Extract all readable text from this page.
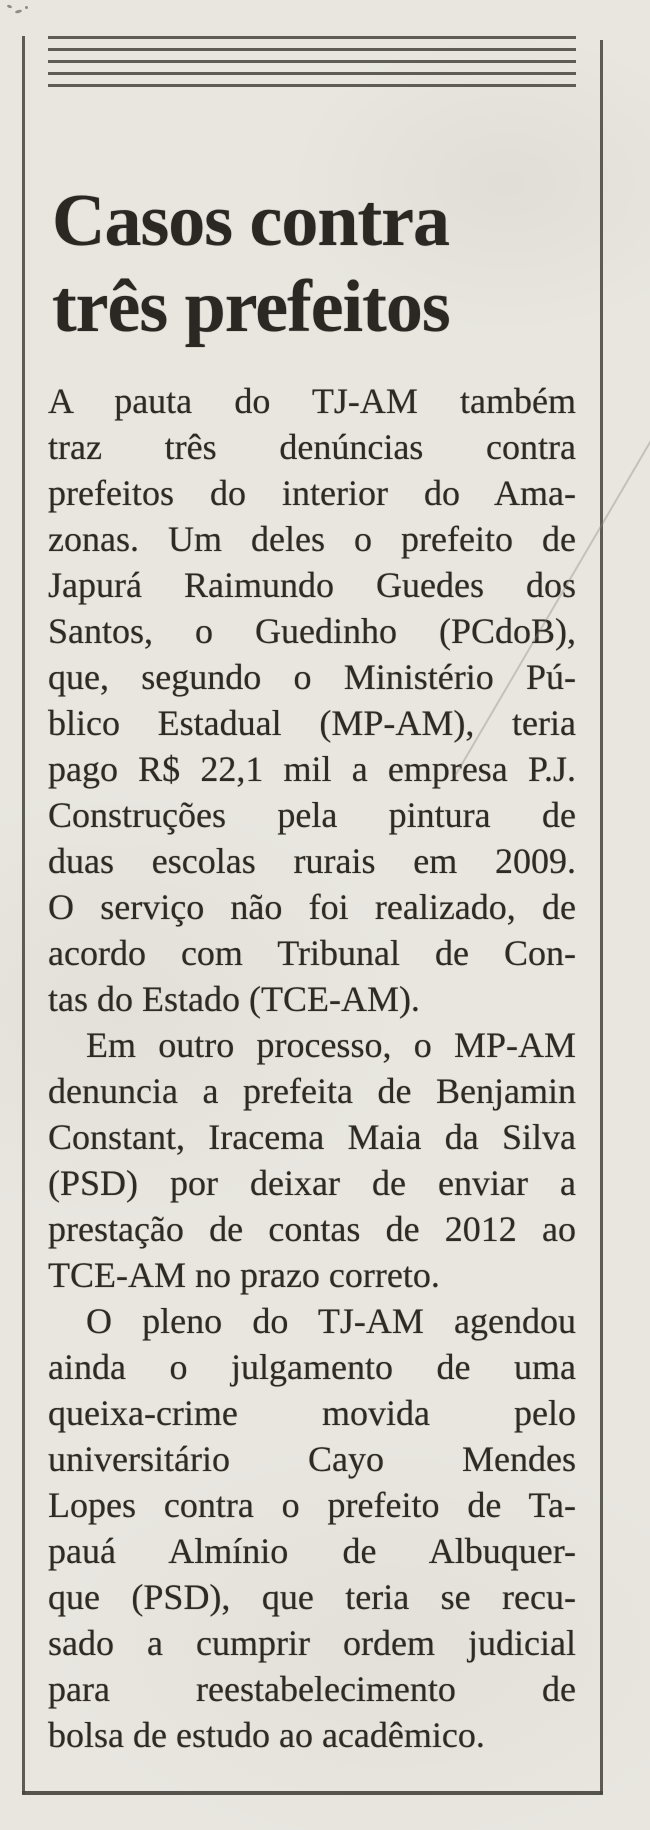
Casos contra
três prefeitos
A pauta do TJ-AM também
traz três denúncias contra
prefeitos do interior do Ama-
zonas. Um deles o prefeito de
Japurá Raimundo Guedes dos
Santos, o Guedinho (PCdoB),
que, segundo o Ministério Pú-
blico Estadual (MP-AM), teria
pago R$ 22,1 mil a empresa P.J.
Construções pela pintura de
duas escolas rurais em 2009.
O serviço não foi realizado, de
acordo com Tribunal de Con-
tas do Estado (TCE-AM).
Em outro processo, o MP-AM
denuncia a prefeita de Benjamin
Constant, Iracema Maia da Silva
(PSD) por deixar de enviar a
prestação de contas de 2012 ao
TCE-AM no prazo correto.
O pleno do TJ-AM agendou
ainda o julgamento de uma
queixa-crime movida pelo
universitário Cayo Mendes
Lopes contra o prefeito de Ta-
pauá Almínio de Albuquer-
que (PSD), que teria se recu-
sado a cumprir ordem judicial
para reestabelecimento de
bolsa de estudo ao acadêmico.
